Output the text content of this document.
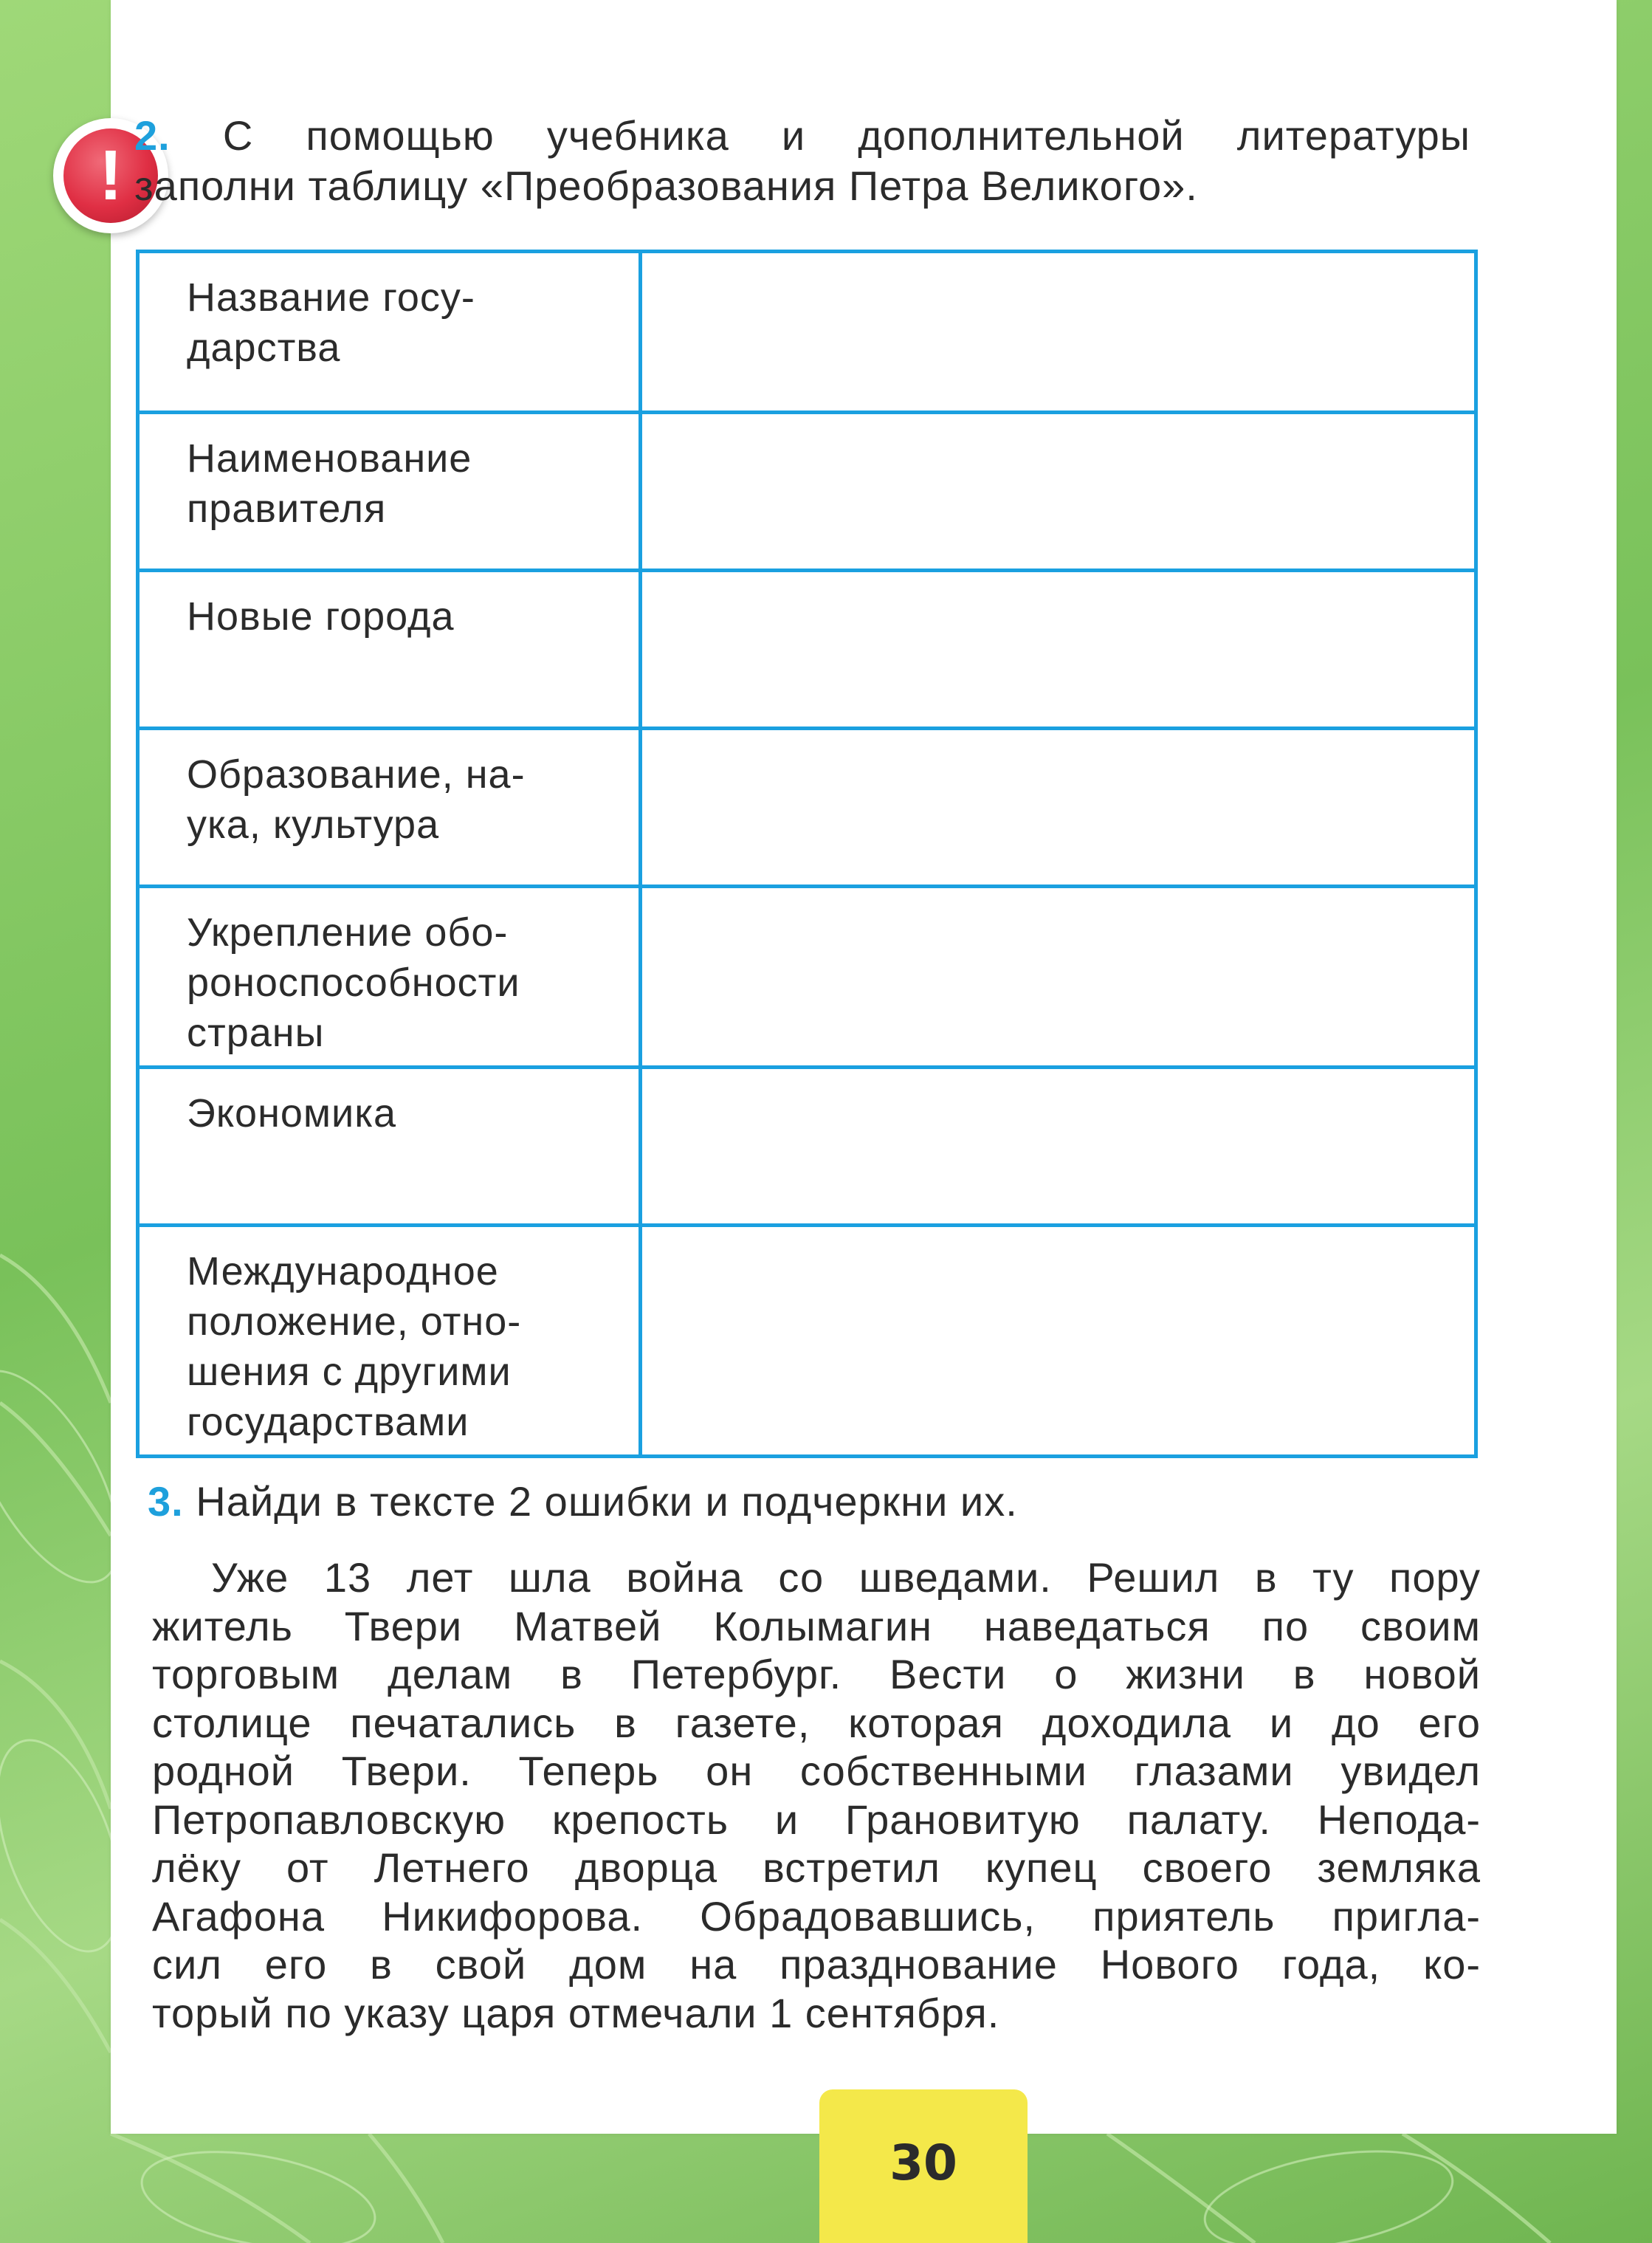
!
2. С помощью учебника и дополнительной литературы
заполни таблицу «Преобразования Петра Великого».
Название госу-
дарства	
Наименование
правителя	
Новые города	
Образование, на-
ука, культура	
Укрепление обо-
роноспособности
страны	
Экономика	
Международное
положение, отно-
шения с другими
государствами	
3. Найди в тексте 2 ошибки и подчеркни их.
Уже 13 лет шла война со шведами. Решил в ту пору
житель Твери Матвей Колымагин наведаться по своим
торговым делам в Петербург. Вести о жизни в новой
столице печатались в газете, которая доходила и до его
родной Твери. Теперь он собственными глазами увидел
Петропавловскую крепость и Грановитую палату. Непода-
лёку от Летнего дворца встретил купец своего земляка
Агафона Никифорова. Обрадовавшись, приятель пригла-
сил его в свой дом на празднование Нового года, ко-
торый по указу царя отмечали 1 сентября.
30
